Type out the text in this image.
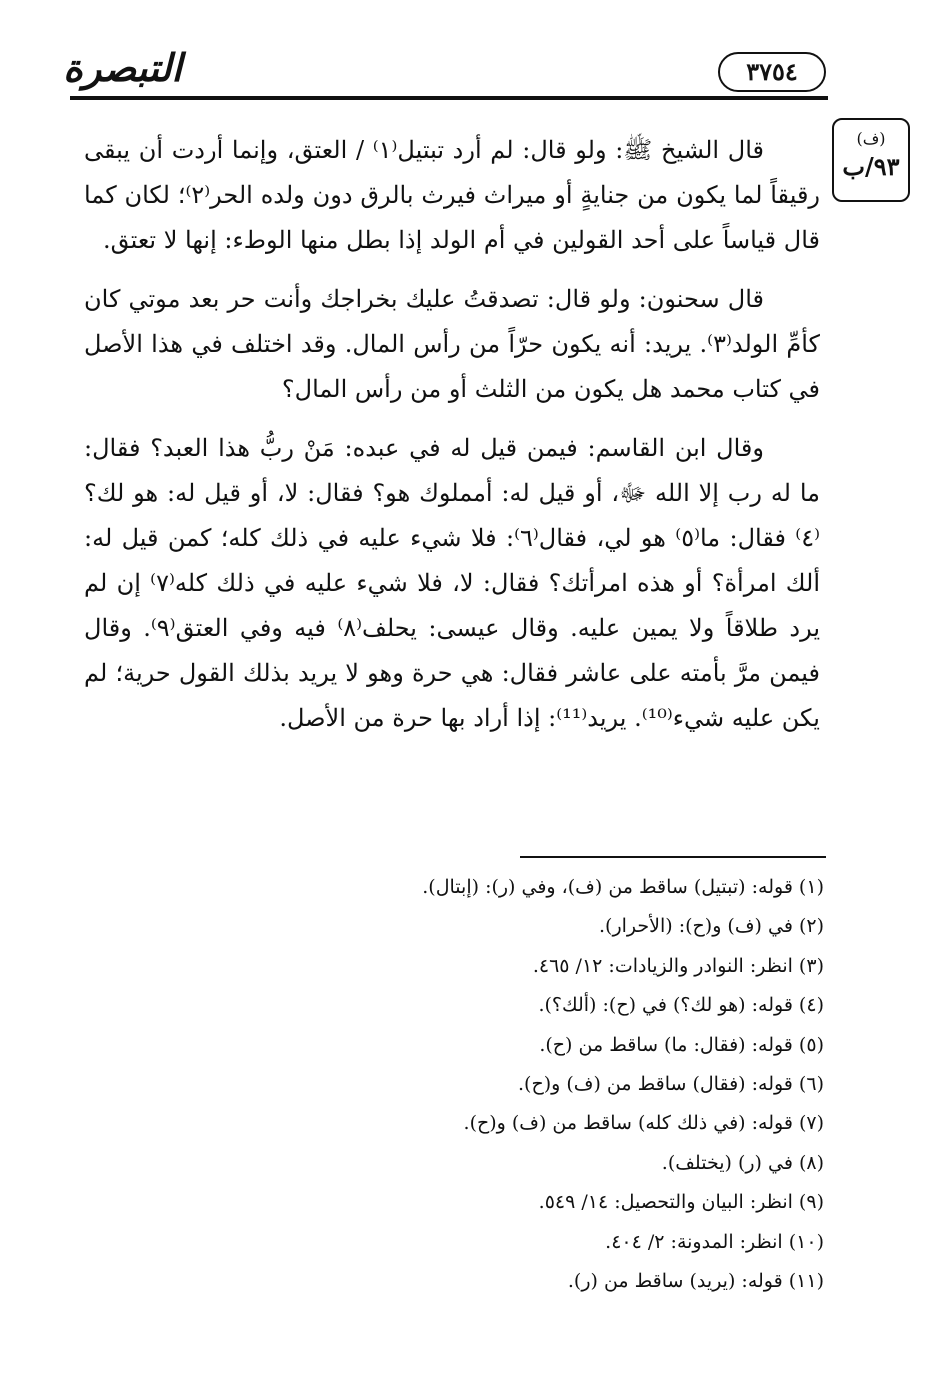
التبصرة	٣٧٥٤
(ف)
٩٣/ب

قال الشيخ ﷺ: ولو قال: لم أرد تبتيل⁽١⁾ / العتق، وإنما أردت أن يبقى رقيقاً لما يكون من جنايةٍ أو ميراث فيرث بالرق دون ولده الحر⁽٢⁾؛ لكان كما قال قياساً على أحد القولين في أم الولد إذا بطل منها الوطء: إنها لا تعتق.

قال سحنون: ولو قال: تصدقتُ عليك بخراجك وأنت حر بعد موتي كان كأمِّ الولد⁽٣⁾. يريد: أنه يكون حرّاً من رأس المال. وقد اختلف في هذا الأصل في كتاب محمد هل يكون من الثلث أو من رأس المال؟

وقال ابن القاسم: فيمن قيل له في عبده: مَنْ ربُّ هذا العبد؟ فقال: ما له رب إلا الله ﷻ، أو قيل له: أمملوك هو؟ فقال: لا، أو قيل له: هو لك؟⁽٤⁾ فقال: ما⁽٥⁾ هو لي، فقال⁽٦⁾: فلا شيء عليه في ذلك كله؛ كمن قيل له: ألك امرأة؟ أو هذه امرأتك؟ فقال: لا، فلا شيء عليه في ذلك كله⁽٧⁾ إن لم يرد طلاقاً ولا يمين عليه. وقال عيسى: يحلف⁽٨⁾ فيه وفي العتق⁽٩⁾. وقال فيمن مرَّ بأمته على عاشر فقال: هي حرة وهو لا يريد بذلك القول حرية؛ لم يكن عليه شيء⁽¹⁰⁾. يريد⁽¹¹⁾: إذا أراد بها حرة من الأصل.

(١) قوله: (تبتيل) ساقط من (ف)، وفي (ر): (إبتال).
(٢) في (ف) و(ح): (الأحرار).
(٣) انظر: النوادر والزيادات: ١٢/ ٤٦٥.
(٤) قوله: (هو لك؟) في (ح): (ألك؟).
(٥) قوله: (فقال: ما) ساقط من (ح).
(٦) قوله: (فقال) ساقط من (ف) و(ح).
(٧) قوله: (في ذلك كله) ساقط من (ف) و(ح).
(٨) في (ر) (يختلف).
(٩) انظر: البيان والتحصيل: ١٤/ ٥٤٩.
(١٠) انظر: المدونة: ٢/ ٤٠٤.
(١١) قوله: (يريد) ساقط من (ر).
